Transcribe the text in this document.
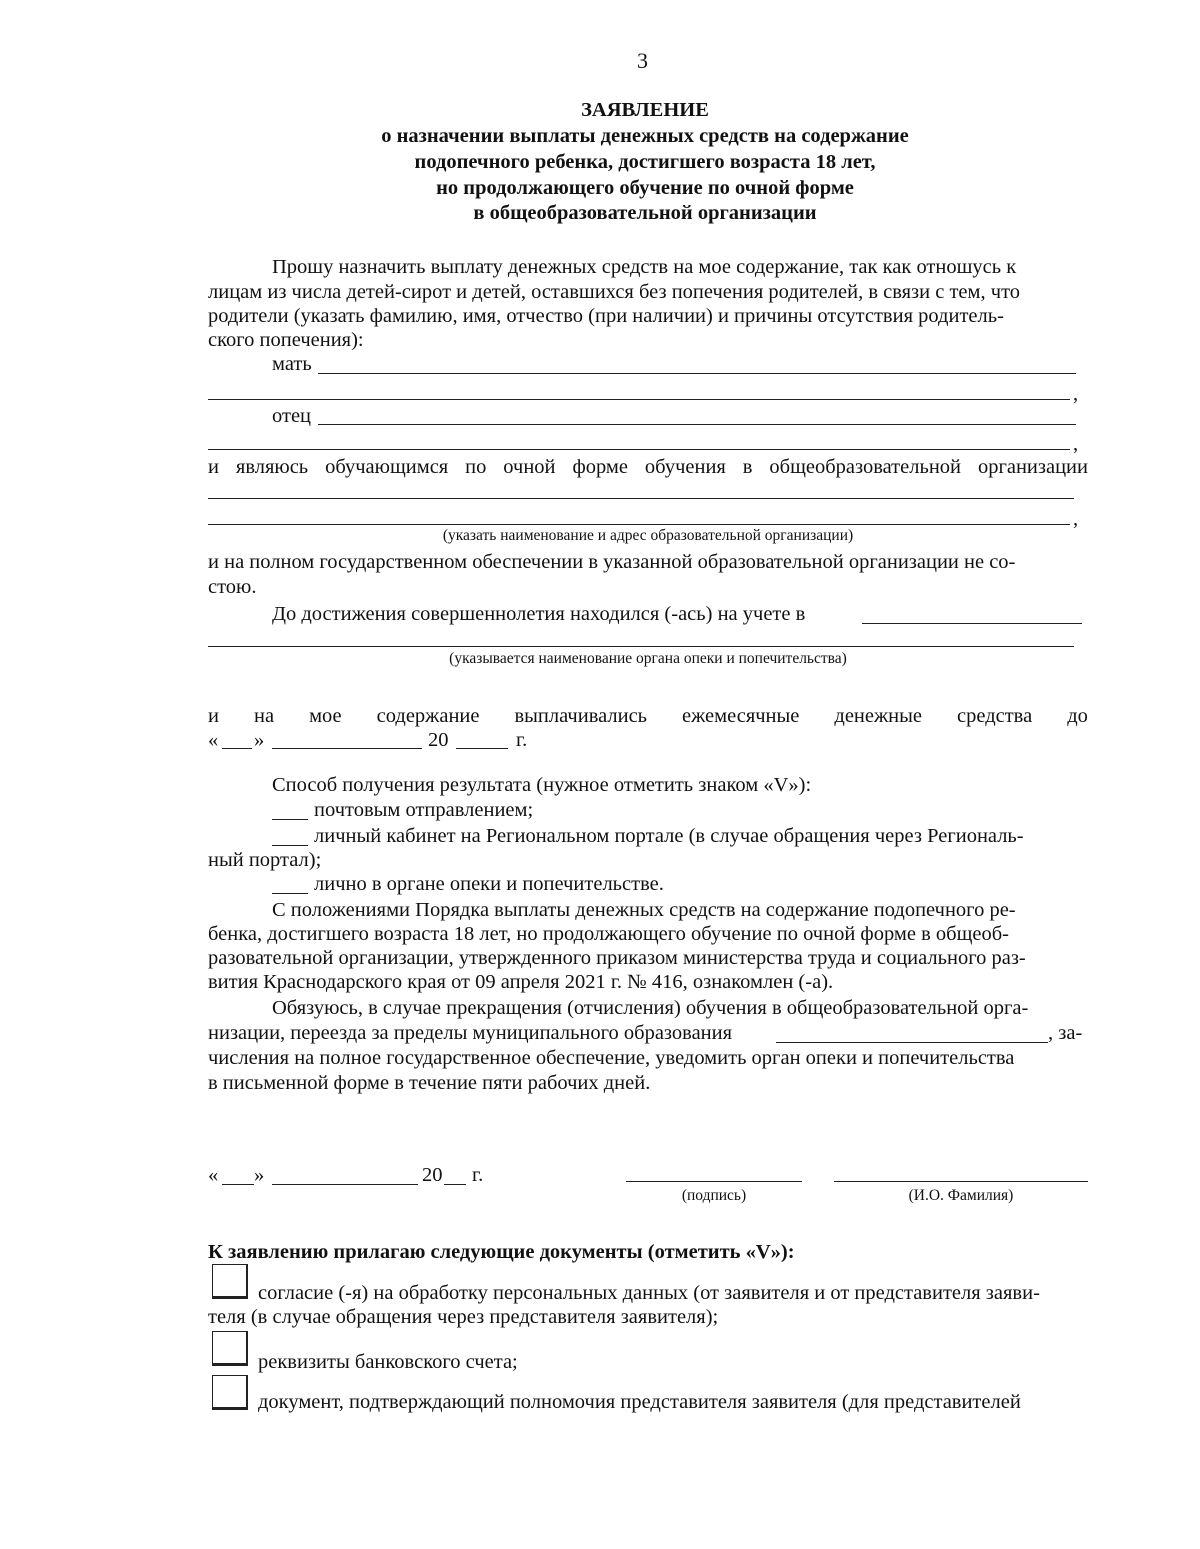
3
ЗАЯВЛЕНИЕ
о назначении выплаты денежных средств на содержание
подопечного ребенка, достигшего возраста 18 лет,
но продолжающего обучение по очной форме
в общеобразовательной организации
Прошу назначить выплату денежных средств на мое содержание, так как отношусь к
лицам из числа детей-сирот и детей, оставшихся без попечения родителей, в связи с тем, что
родители (указать фамилию, имя, отчество (при наличии) и причины отсутствия родитель-
ского попечения):
мать
,
отец
,
и являюсь обучающимся по очной форме обучения в общеобразовательной организации
,
(указать наименование и адрес образовательной организации)
и на полном государственном обеспечении в указанной образовательной организации не со-
стою.
До достижения совершеннолетия находился (-ась) на учете в
(указывается наименование органа опеки и попечительства)
и на мое содержание выплачивались ежемесячные денежные средства до
« »	20	г.
Способ получения результата (нужное отметить знаком «V»):
почтовым отправлением;
личный кабинет на Региональном портале (в случае обращения через Региональ-
ный портал);
лично в органе опеки и попечительстве.
С положениями Порядка выплаты денежных средств на содержание подопечного ре-
бенка, достигшего возраста 18 лет, но продолжающего обучение по очной форме в общеоб-
разовательной организации, утвержденного приказом министерства труда и социального раз-
вития Краснодарского края от 09 апреля 2021 г. № 416, ознакомлен (-а).
Обязуюсь, в случае прекращения (отчисления) обучения в общеобразовательной орга-
низации, переезда за пределы муниципального образования	, за-
числения на полное государственное обеспечение, уведомить орган опеки и попечительства
в письменной форме в течение пяти рабочих дней.
« »	20 г.
(подпись)	(И.О. Фамилия)
К заявлению прилагаю следующие документы (отметить «V»):
согласие (-я) на обработку персональных данных (от заявителя и от представителя заяви-
теля (в случае обращения через представителя заявителя);
реквизиты банковского счета;
документ, подтверждающий полномочия представителя заявителя (для представителей
